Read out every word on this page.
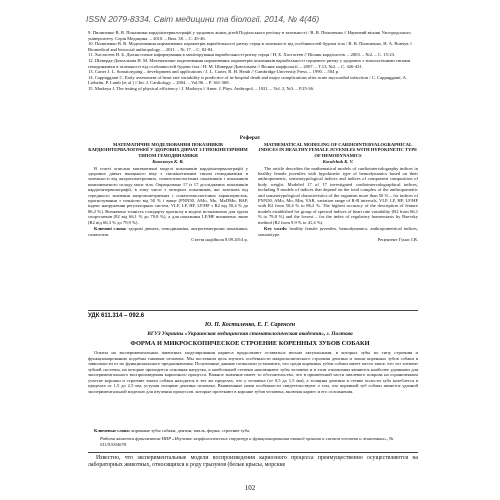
ISSN 2079-8334. Світ медицини та біології. 2014, № 4(46)

9. Пилипенко В. В. Показники кардіоінтервалографії у здорових жінок дітей Подільського регіону в залежності / В. В. Пилипенко // Науковий вісник Ужгородського університету. Серія Медицина. – 2010. – Вип. 38. – С. 45-46.

10. Пилипенко В. В. Моделювання нормативних параметрів варіабельності ритму серця в залежності від особливостей будови тіла / В. В. Пилипенко, Н. А. Вовчук // Biomedical and biosocial anthropology. – 2011. – № 17. – С. 82-84.

11. Хастасеев Н. Б. Діагностичне інформування в моніторуванні варіабельності ритму серця / Н. Б. Хастасеев // Вісник кардіологів. – 2003. – №2. – С. 15-23.

12. Шаверда-Довгальова Н. М. Математичне моделювання нормативних параметрів показників варіабельності серцевого ритму у здорових з типологічними типами гемодинаміки в залежності від особливостей будови тіла / Н. М. Шаверда-Довгальова // Вісник морфології. – 2007. – Т.13, №2. – С. 426-431.

13. Carter J. L. Somatotyping – development and applications / J. L. Carter, B. H. Heath // Cambridge University Press. – 1990. – 504 p.

14. Cappuggiani C. Early assessment of heart rate variability is predictive of in-hospital death and major complications after acute myocardial infarction / C. Cappuggiani, A. Liebalm, P. Lamb [et al.] // Int. J. Cardiology. – 2004. – Vol.96. – P. 361-368.

15. Markeya J. The testing of physical efficiency / J. Markeya // Amer. J. Phys. Anthropol. – 1921. – Vol. 2, №3. – P.25-36.

Реферат

МАТЕМАТИЧНЕ МОДЕЛЮВАННЯ ПОКАЗНИКІВ КАРДІОІНТЕРВАЛОГРАФІЇ У ЗДОРОВИХ ДІВЧАТ З ГІПОКІНЕТИЧНИМ ТИПОМ ГЕМОДИНАМІКИ

Ковальчук К. В.

В статті описано математичні моделі показників кардіоінтервалографії у здорових дівчат юнацького віку з гіпокінетичним типом гемодинаміки в залежності від антропометричних, соматотипологічних показників і показників компонентного складу маси тіла. Опрацьовано 17 із 17 досліджених показників кардіоінтервалографії, в тому числі з чотирьох показників, які залежать від середнього значення антропометричних і соматотипологічних характеристик, прогнозування з точністю від 50 % і вище (PNN50, AMo, Mo, MxDMn, ВАР, індекс напруження регуляторних систем, VLF, LF, HF, LF/HF з R2 від 50,4 % до 86,2 %). Визначено точність стандарту прогнозу в моделі встановлено для групи спортсменів (82 від 66,1 % до 79,8 %), а для показника LF/HF визначено лише (R2 від 66,3 % до 79,9 %).

Ключові слова: здорові дівчата, гемодинаміка, антропометричні показники, соматотип.

Стаття надійшла 8.09.2014 р.

MATHEMATICAL MODELING OF CARDIOINTERVALOGRAPHICAL INDICES IN HEALTHY FEMALE JUVENILES WITH HYPOKINETIC TYPE OF HEMODYNAMICS

Kovalchuk K. V.

The article describes the mathematical models of cardiointervalography indices in healthy female juveniles with hypokinetic type of hemodynamics based on their anthropometric, somatotypological indices and indices of component composition of body weight. Modeled 17 of 17 investigated cardiointervalographical indices, including 9 models of indices that depend on the total complex of the anthropometric and somatotypological characteristics of the organism more than 50 % – for indices of PNN50, AMo, Mo, Min, VAR, variation range of R-R intervals, VLF, LF, HF, LF/HF with R2 from 50,4 % to 86,2 %. The highest accuracy of the description of feature models established for group of spectral indices of heart rate variability (R2 from 66,1 % to 79,8 %) and the lowest – for the index of regulatory homeostasis by Baevsky method (R2 from 9,9 % to 41,4 %).

Key words: healthy female juveniles, hemodynamics, anthropometrical indices, somatotype.

Рецензент Гунас І.В.

УДК 611.314 – 092.6
Ю. П. Костиленко, Е. Г. Саренсен
ВГУЗ Украины «Украинская медицинская стоматологическая академия», г. Полтава
ФОРМА И МИКРОСКОПИЧЕСКОЕ СТРОЕНИЕ КОРЕННЫХ ЗУБОВ СОБАКИ

Опыты на экспериментальных животных моделирования кариеса продолжают оставаться весьма актуальными, в которых зубы по типу строения и функционированию подобны таковым человека. Мы поставили цель изучить особенности макроскопического строения дентина и эмали коренных зубов собаки в зависимости от их функционального предназначения. Полученные данные позволили установить, что среди коренных зубов собаки имеет место такое, что тот элемент зубной системы, на которые приходится основная нагрузка, в наибольшей степени напоминают зубы человека и в этом отношении являются наиболее удачными для экспериментального воспроизведения кариозного процесса. Важное значение имеет то обстоятельство, что в пришеечной части эмалевого покрова на ограниченном участке коронки и строение эмали собаки находится в тех же пределах, что у человека (от 0,5 до 1,5 мм), а толщина дентина в стенке полости зуба колеблется в пределах от 1,5 до 2,5 мм, уступая толщине дентина человека. Выявленные нами особенности свидетельствуют о том, что коренной зуб собаки является удачной экспериментальной моделью для изучения процессов, которые протекают в коронке зубов человека, включая кариес и его осложнения.

Ключевые слова: коренные зубы собаки, дентин, эмаль, форма, строение зуба.

Работа является фрагментом НИР «Изучение морфологических структур и функционирования тканей органов и систем человека и животных», № 0113U004078.

Известно, что экспериментальные модели воспроизведения кариозного процесса преимущественно осуществляются на лабораторных животных, относящихся к роду грызунов (белые крысы, морские

102
